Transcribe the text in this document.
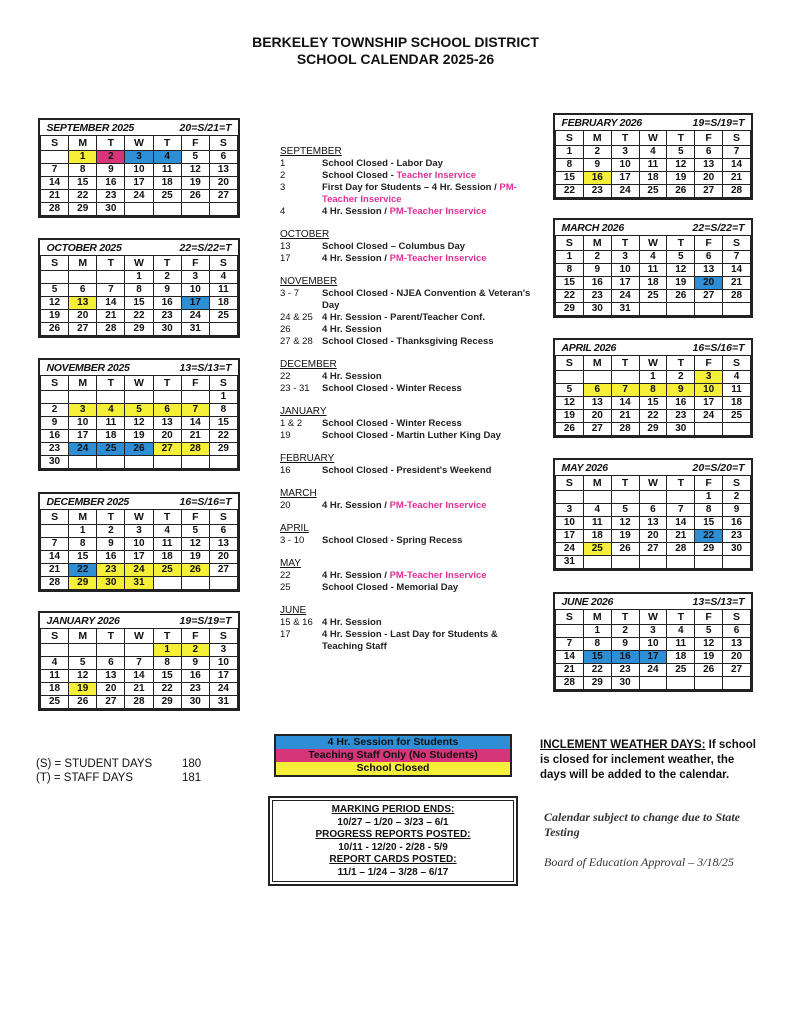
BERKELEY TOWNSHIP SCHOOL DISTRICT
SCHOOL CALENDAR 2025-26
SEPTEMBER 2025				20=S/21=T		
S	M	T	W	T	F	S
	1	2	3	4	5	6
7	8	9	10	11	12	13
14	15	16	17	18	19	20
21	22	23	24	25	26	27
28	29	30				
OCTOBER 2025				22=S/22=T		
S	M	T	W	T	F	S
			1	2	3	4
5	6	7	8	9	10	11
12	13	14	15	16	17	18
19	20	21	22	23	24	25
26	27	28	29	30	31	
NOVEMBER 2025				13=S/13=T		
S	M	T	W	T	F	S
						1
2	3	4	5	6	7	8
9	10	11	12	13	14	15
16	17	18	19	20	21	22
23	24	25	26	27	28	29
30						
DECEMBER 2025				16=S/16=T		
S	M	T	W	T	F	S
	1	2	3	4	5	6
7	8	9	10	11	12	13
14	15	16	17	18	19	20
21	22	23	24	25	26	27
28	29	30	31			
JANUARY 2026				19=S/19=T		
S	M	T	W	T	F	S
				1	2	3
4	5	6	7	8	9	10
11	12	13	14	15	16	17
18	19	20	21	22	23	24
25	26	27	28	29	30	31
FEBRUARY 2026				19=S/19=T		
S	M	T	W	T	F	S
1	2	3	4	5	6	7
8	9	10	11	12	13	14
15	16	17	18	19	20	21
22	23	24	25	26	27	28
MARCH 2026				22=S/22=T		
S	M	T	W	T	F	S
1	2	3	4	5	6	7
8	9	10	11	12	13	14
15	16	17	18	19	20	21
22	23	24	25	26	27	28
29	30	31				
APRIL 2026				16=S/16=T		
S	M	T	W	T	F	S
			1	2	3	4
5	6	7	8	9	10	11
12	13	14	15	16	17	18
19	20	21	22	23	24	25
26	27	28	29	30		
MAY 2026				20=S/20=T		
S	M	T	W	T	F	S
					1	2
3	4	5	6	7	8	9
10	11	12	13	14	15	16
17	18	19	20	21	22	23
24	25	26	27	28	29	30
31						
JUNE 2026				13=S/13=T		
S	M	T	W	T	F	S
	1	2	3	4	5	6
7	8	9	10	11	12	13
14	15	16	17	18	19	20
21	22	23	24	25	26	27
28	29	30				
SEPTEMBER
1	School Closed - Labor Day
2	School Closed - Teacher Inservice
3	First Day for Students – 4 Hr. Session / PM-Teacher Inservice
4	4 Hr. Session / PM-Teacher Inservice
OCTOBER
13	School Closed – Columbus Day
17	4 Hr. Session / PM-Teacher Inservice
NOVEMBER
3 - 7	School Closed - NJEA Convention & Veteran's Day
24 & 25 4 Hr. Session - Parent/Teacher Conf.
26	4 Hr. Session
27 & 28 School Closed - Thanksgiving Recess
DECEMBER
22	4 Hr. Session
23 - 31	School Closed - Winter Recess
JANUARY
1 & 2	School Closed - Winter Recess
19	School Closed - Martin Luther King Day
FEBRUARY
16	School Closed - President's Weekend
MARCH
20	4 Hr. Session / PM-Teacher Inservice
APRIL
3 - 10	School Closed - Spring Recess
MAY
22	4 Hr. Session / PM-Teacher Inservice
25	School Closed - Memorial Day
JUNE
15 & 16 4 Hr. Session
17	4 Hr. Session - Last Day for Students & Teaching Staff
4 Hr. Session for Students
Teaching Staff Only (No Students)
School Closed
MARKING PERIOD ENDS:
10/27 – 1/20 – 3/23 – 6/1
PROGRESS REPORTS POSTED:
10/11 - 12/20 - 2/28 - 5/9
REPORT CARDS POSTED:
11/1 – 1/24 – 3/28 – 6/17
(S) = STUDENT DAYS	180
(T) = STAFF DAYS	181
INCLEMENT WEATHER DAYS: If school is closed for inclement weather, the days will be added to the calendar.
Calendar subject to change due to State Testing
Board of Education Approval – 3/18/25
